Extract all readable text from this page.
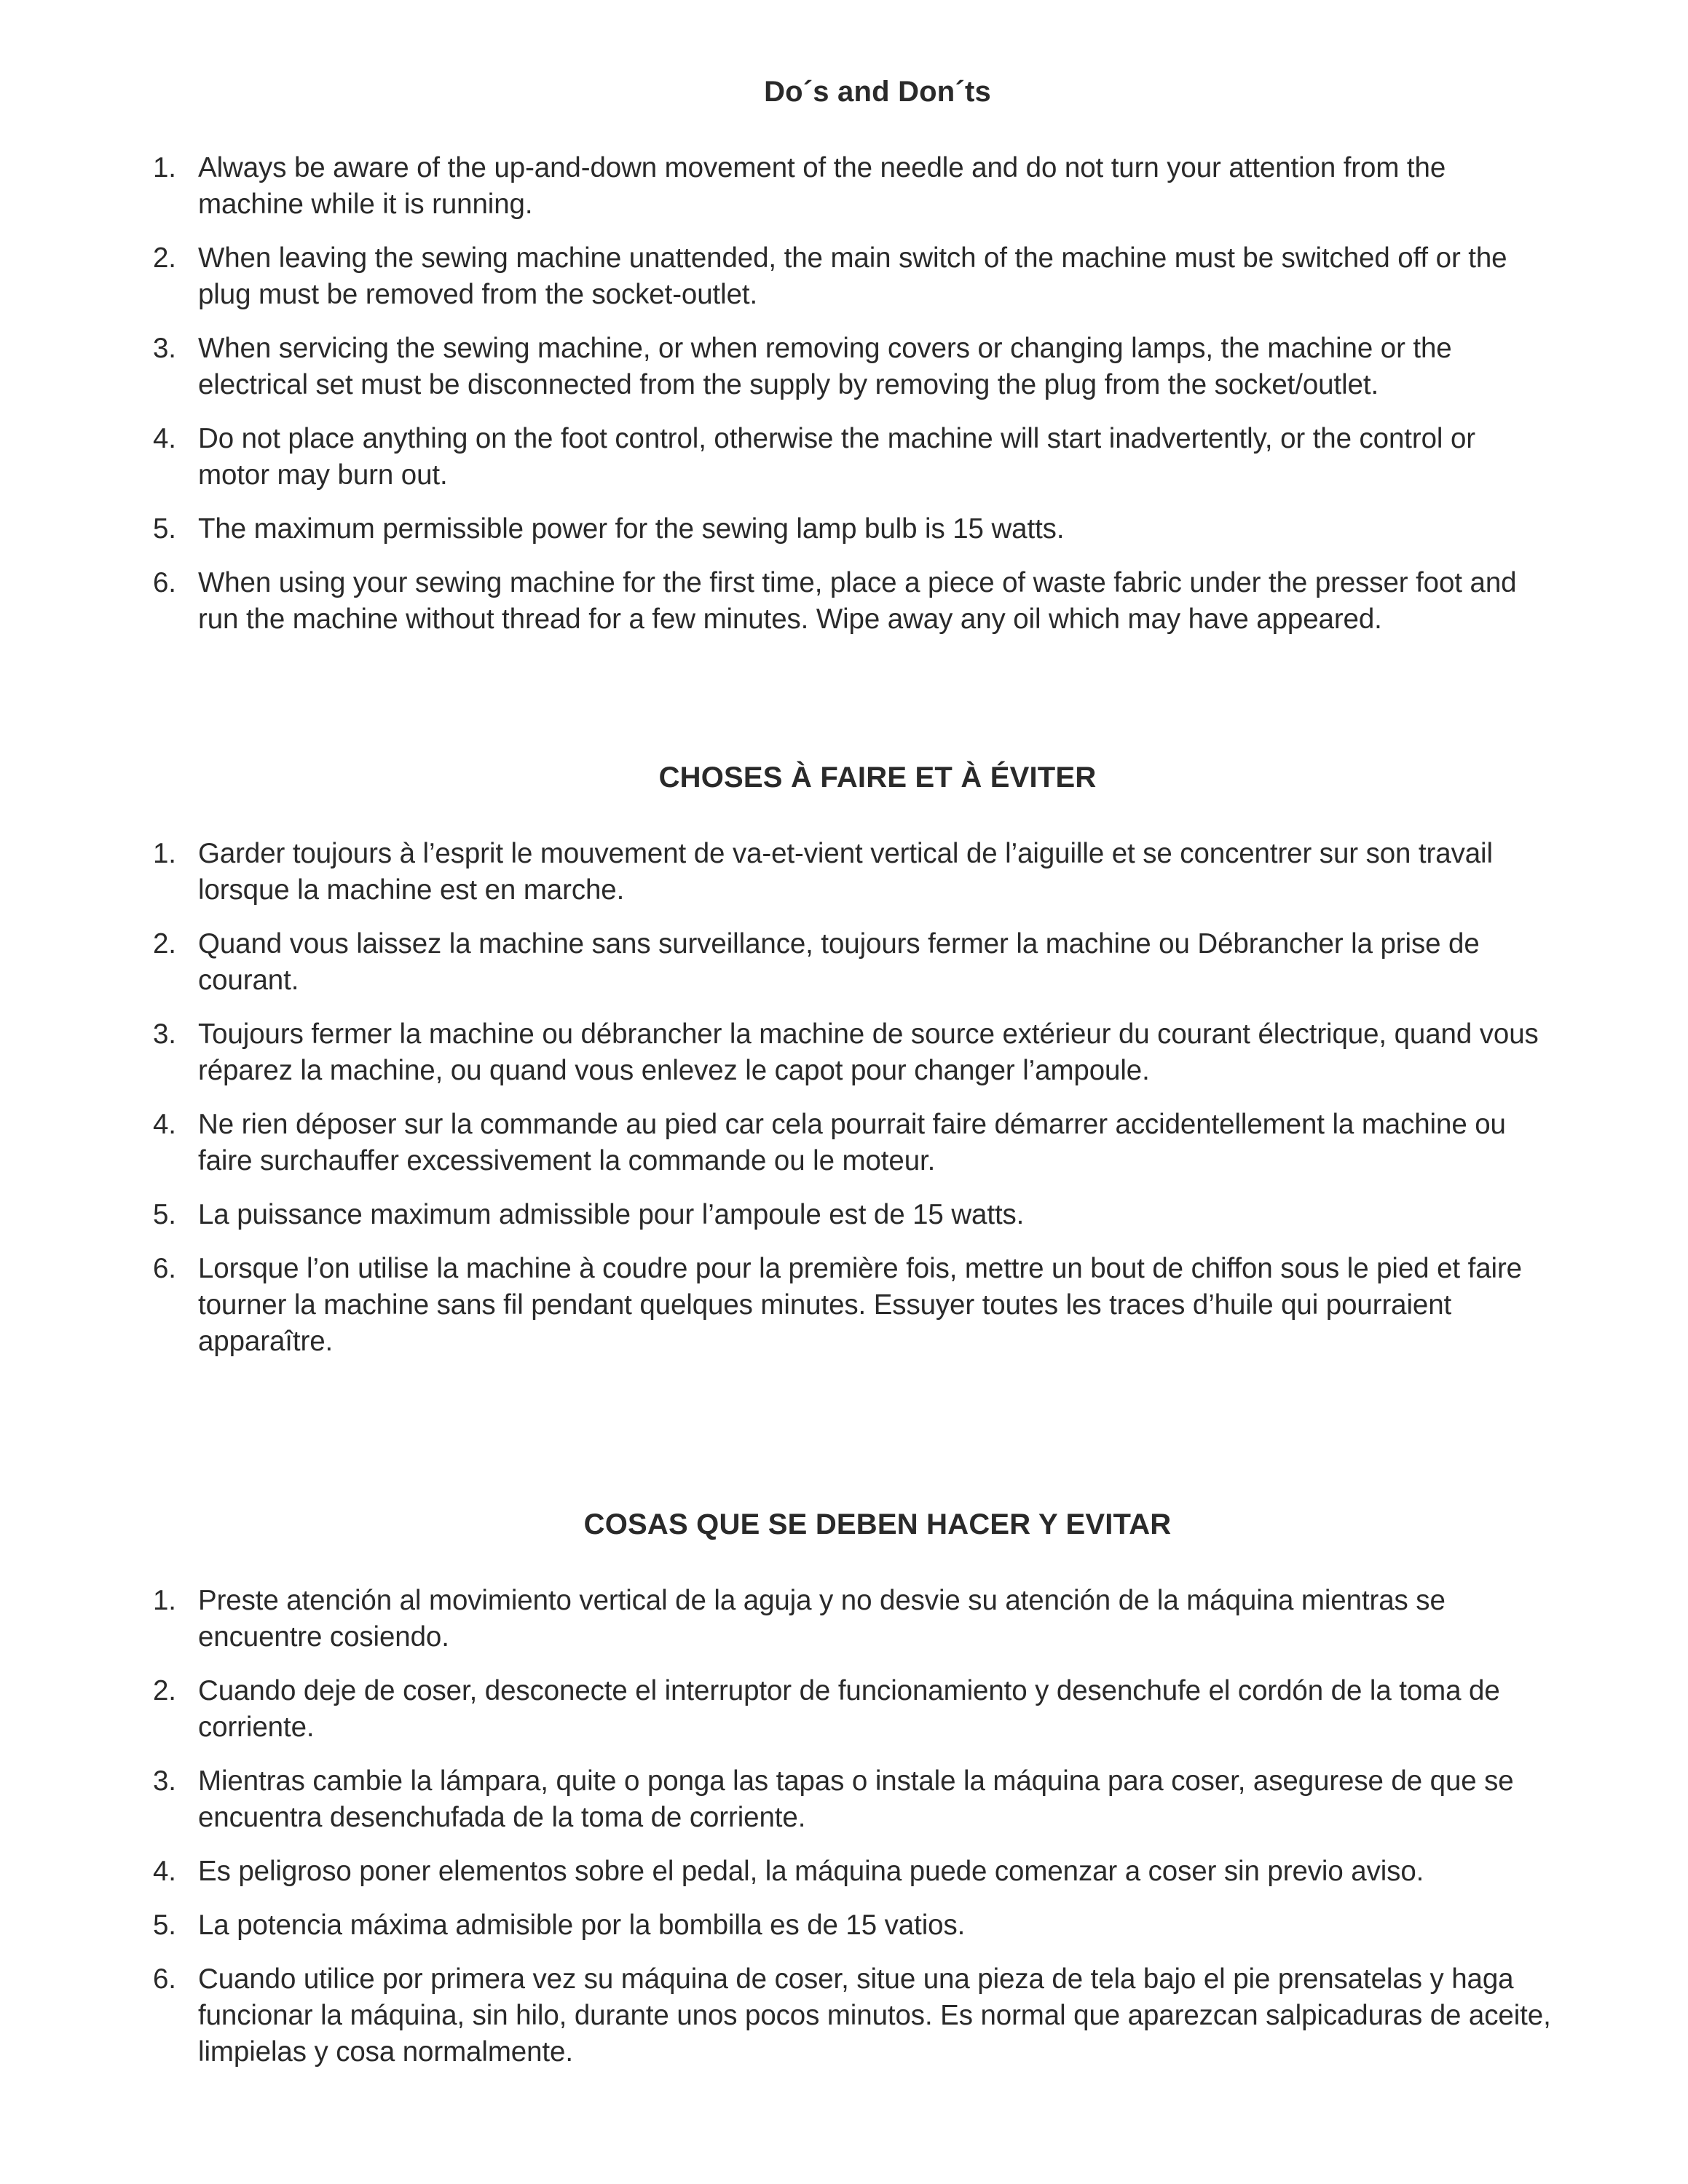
Do´s and Don´ts
1. Always be aware of the up-and-down movement of the needle and do not turn your attention from the machine while it is running.
2. When leaving the sewing machine unattended, the main switch of the machine must be switched off or the plug must be removed from the socket-outlet.
3. When servicing the sewing machine, or when removing covers or changing lamps, the machine or the electrical set must be disconnected from the supply by removing the plug from the socket/outlet.
4. Do not place anything on the foot control, otherwise the machine will start inadvertently, or the control or motor may burn out.
5. The maximum permissible power for the sewing lamp bulb is 15 watts.
6. When using your sewing machine for the first time, place a piece of waste fabric under the presser foot and run the machine without thread for a few minutes. Wipe away any oil which may have appeared.
CHOSES À FAIRE ET À ÉVITER
1. Garder toujours à l’esprit le mouvement de va-et-vient vertical de l’aiguille et se concentrer sur son travail lorsque la machine est en marche.
2. Quand vous laissez la machine sans surveillance, toujours fermer la machine ou Débrancher la prise de courant.
3. Toujours fermer la machine ou débrancher la machine de source extérieur du courant électrique, quand vous réparez la machine, ou quand vous enlevez le capot pour changer l’ampoule.
4. Ne rien déposer sur la commande au pied car cela pourrait faire démarrer accidentellement la machine ou faire surchauffer excessivement la commande ou le moteur.
5. La puissance maximum admissible pour l’ampoule est de 15 watts.
6. Lorsque l’on utilise la machine à coudre pour la première fois, mettre un bout de chiffon sous le pied et faire tourner la machine sans fil pendant quelques minutes. Essuyer toutes les traces d’huile qui pourraient apparaître.
COSAS QUE SE DEBEN HACER Y EVITAR
1. Preste atención al movimiento vertical de la aguja y no desvie su atención de la máquina mientras se encuentre cosiendo.
2. Cuando deje de coser, desconecte el interruptor de funcionamiento y desenchufe el cordón de la toma de corriente.
3. Mientras cambie la lámpara, quite o ponga las tapas o instale la máquina para coser, asegurese de que se encuentra desenchufada de la toma de corriente.
4. Es peligroso poner elementos sobre el pedal, la máquina puede comenzar a coser sin previo aviso.
5. La potencia máxima admisible por la bombilla es de 15 vatios.
6. Cuando utilice por primera vez su máquina de coser, situe una pieza de tela bajo el pie prensatelas y haga funcionar la máquina, sin hilo, durante unos pocos minutos. Es normal que aparezcan salpicaduras de aceite, limpielas y cosa normalmente.
